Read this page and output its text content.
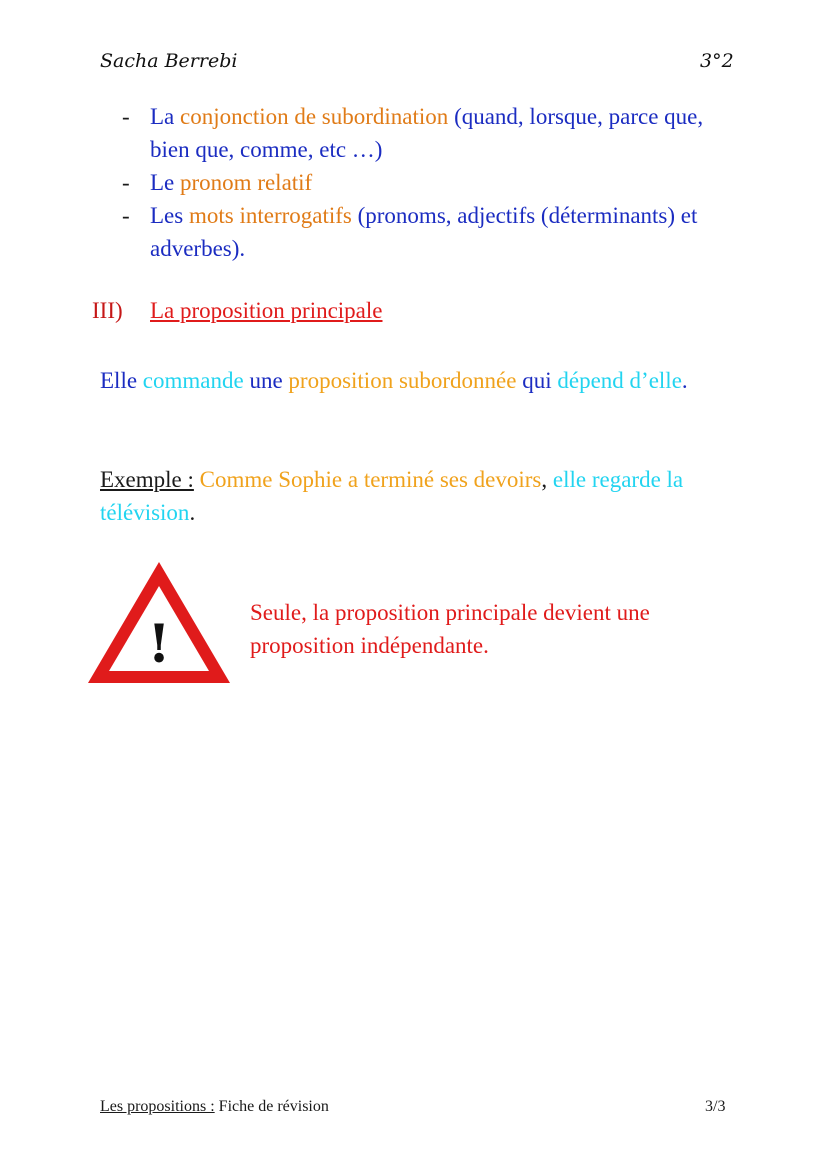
Sacha Berrebi	3°2
- La conjonction de subordination (quand, lorsque, parce que, bien que, comme, etc …)
- Le pronom relatif
- Les mots interrogatifs (pronoms, adjectifs (déterminants) et adverbes).
III) La proposition principale
Elle commande une proposition subordonnée qui dépend d’elle.
Exemple : Comme Sophie a terminé ses devoirs, elle regarde la télévision.
!
Seule, la proposition principale devient une proposition indépendante.
Les propositions : Fiche de révision	3/3
